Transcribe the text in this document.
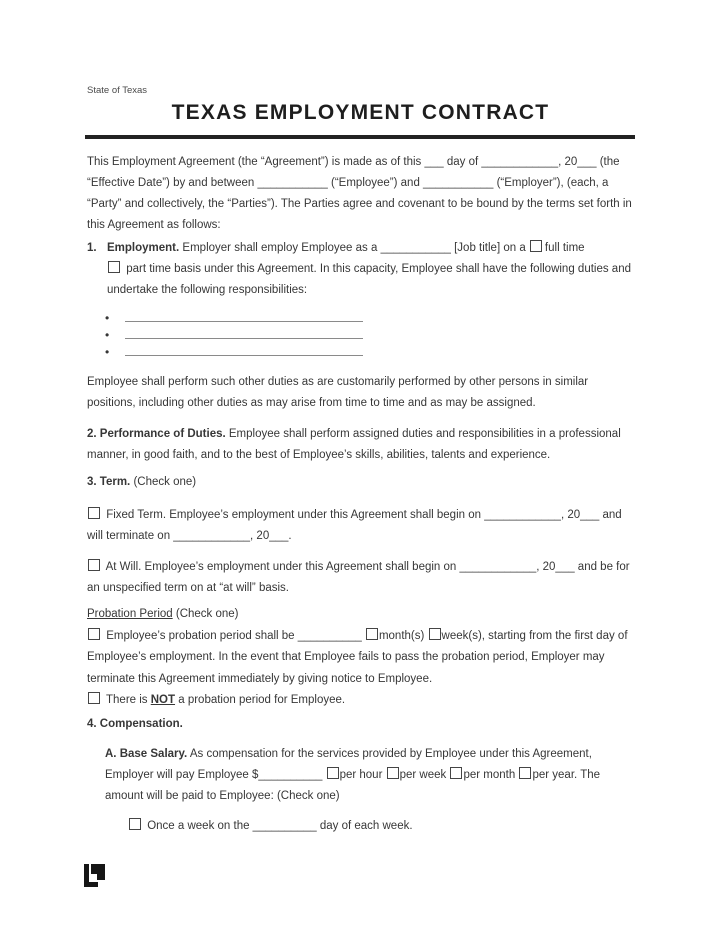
State of Texas
TEXAS EMPLOYMENT CONTRACT

This Employment Agreement (the “Agreement”) is made as of this ___ day of ____________, 20___ (the “Effective Date”) by and between ___________ (“Employee”) and ___________ (“Employer”), (each, a “Party” and collectively, the “Parties”). The Parties agree and covenant to be bound by the terms set forth in this Agreement as follows:

1. Employment. Employer shall employ Employee as a ___________ [Job title] on a full time
part time basis under this Agreement. In this capacity, Employee shall have the following duties and undertake the following responsibilities:
•
•
•

Employee shall perform such other duties as are customarily performed by other persons in similar positions, including other duties as may arise from time to time and as may be assigned.

2. Performance of Duties. Employee shall perform assigned duties and responsibilities in a professional manner, in good faith, and to the best of Employee’s skills, abilities, talents and experience.

3. Term. (Check one)

Fixed Term. Employee’s employment under this Agreement shall begin on ____________, 20___ and will terminate on ____________, 20___.

At Will. Employee’s employment under this Agreement shall begin on ____________, 20___ and be for an unspecified term on at “at will” basis.

Probation Period (Check one)
Employee’s probation period shall be __________ month(s) week(s), starting from the first day of Employee’s employment. In the event that Employee fails to pass the probation period, Employer may terminate this Agreement immediately by giving notice to Employee.
There is NOT a probation period for Employee.

4. Compensation.

A. Base Salary. As compensation for the services provided by Employee under this Agreement, Employer will pay Employee $__________ per hour per week per month per year. The amount will be paid to Employee: (Check one)

Once a week on the __________ day of each week.
